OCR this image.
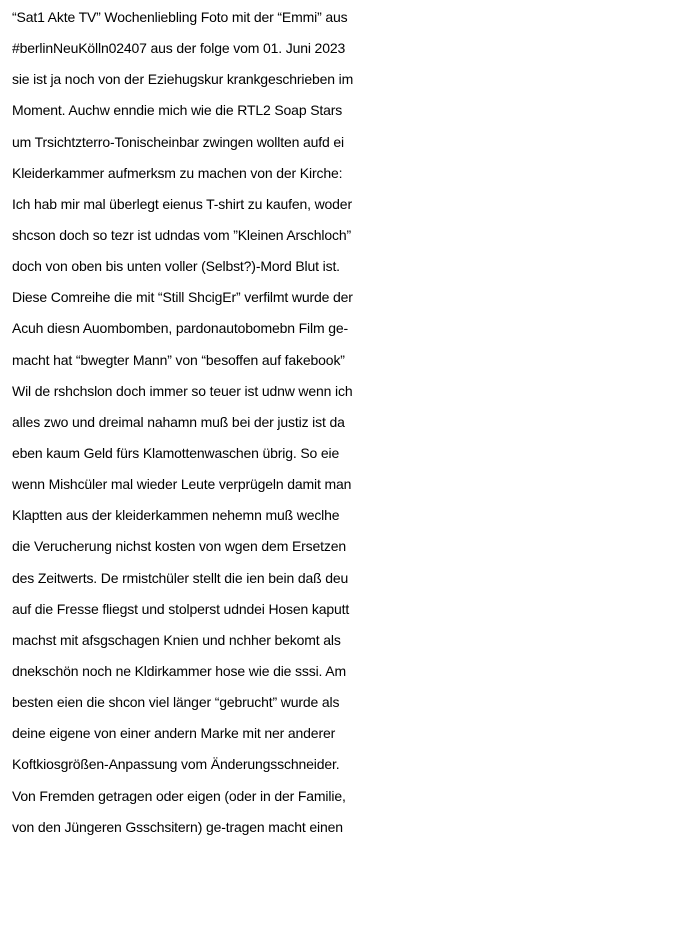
“Sat1 Akte TV” Wochenliebling Foto mit der “Emmi” aus
#berlinNeuKölln02407 aus der folge vom 01. Juni 2023
sie ist ja noch von der Eziehugskur krankgeschrieben im
Moment. Auchw enndie mich wie die RTL2 Soap Stars
um Trsichtzterro-Tonischeinbar zwingen wollten aufd ei
Kleiderkammer aufmerksm zu machen von der Kirche:
Ich hab mir mal überlegt eienus T-shirt zu kaufen, woder
shcson doch so tezr ist udndas vom ”Kleinen Arschloch”
doch von oben bis unten voller (Selbst?)-Mord Blut ist.
Diese Comreihe die mit “Still ShcigEr” verfilmt wurde der
Acuh diesn Auombomben, pardonautobomebn Film ge-
macht hat “bwegter Mann” von “besoffen auf fakebook”
Wil de rshchslon doch immer so teuer ist udnw wenn ich
alles zwo und dreimal nahamn muß bei der justiz ist da
eben kaum Geld fürs Klamottenwaschen übrig. So eie
wenn Mishcüler mal wieder Leute verprügeln damit man
Klaptten aus der kleiderkammen nehemn muß weclhe
die Verucherung nichst kosten von wgen dem Ersetzen
des Zeitwerts. De rmistchüler stellt die ien bein daß deu
auf die Fresse fliegst und stolperst udndei Hosen kaputt
machst mit afsgschagen Knien und nchher bekomt als
dnekschön noch ne Kldirkammer hose wie die sssi. Am
besten eien die shcon viel länger “gebrucht” wurde als
deine eigene von einer andern Marke mit ner anderer
Koftkiosgrößen-Anpassung vom Änderungsschneider.
Von Fremden getragen oder eigen (oder in der Familie,
von den Jüngeren Gsschsitern) ge-tragen macht einen
